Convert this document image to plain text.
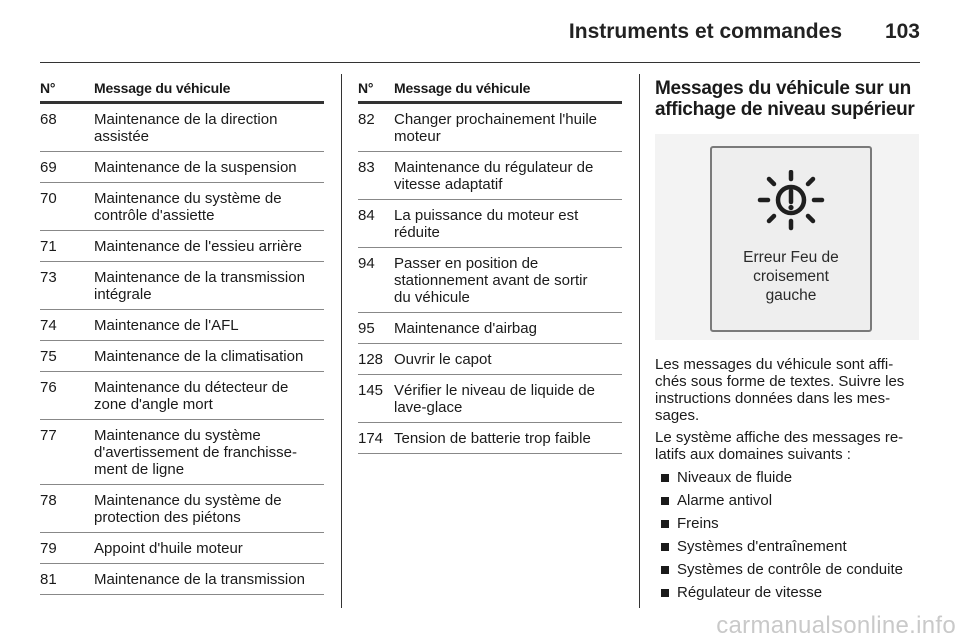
Instruments et commandes 103
N°	Message du véhicule
68	Maintenance de la direction
assistée
69	Maintenance de la suspension
70	Maintenance du système de
contrôle d'assiette
71	Maintenance de l'essieu arrière
73	Maintenance de la transmission
intégrale
74	Maintenance de l'AFL
75	Maintenance de la climatisation
76	Maintenance du détecteur de
zone d'angle mort
77	Maintenance du système
d'avertissement de franchisse-
ment de ligne
78	Maintenance du système de
protection des piétons
79	Appoint d'huile moteur
81	Maintenance de la transmission
N°	Message du véhicule
82	Changer prochainement l'huile
moteur
83	Maintenance du régulateur de
vitesse adaptatif
84	La puissance du moteur est
réduite
94	Passer en position de
stationnement avant de sortir
du véhicule
95	Maintenance d'airbag
128 Ouvrir le capot
145 Vérifier le niveau de liquide de
lave-glace
174 Tension de batterie trop faible
Messages du véhicule sur un
affichage de niveau supérieur
Erreur Feu de
croisement
gauche

Les messages du véhicule sont affi-
chés sous forme de textes. Suivre les
instructions données dans les mes-
sages.

Le système affiche des messages re-
latifs aux domaines suivants :

Niveaux de fluide
Alarme antivol
Freins
Systèmes d'entraînement
Systèmes de contrôle de conduite
Régulateur de vitesse
carmanualsonline.info
